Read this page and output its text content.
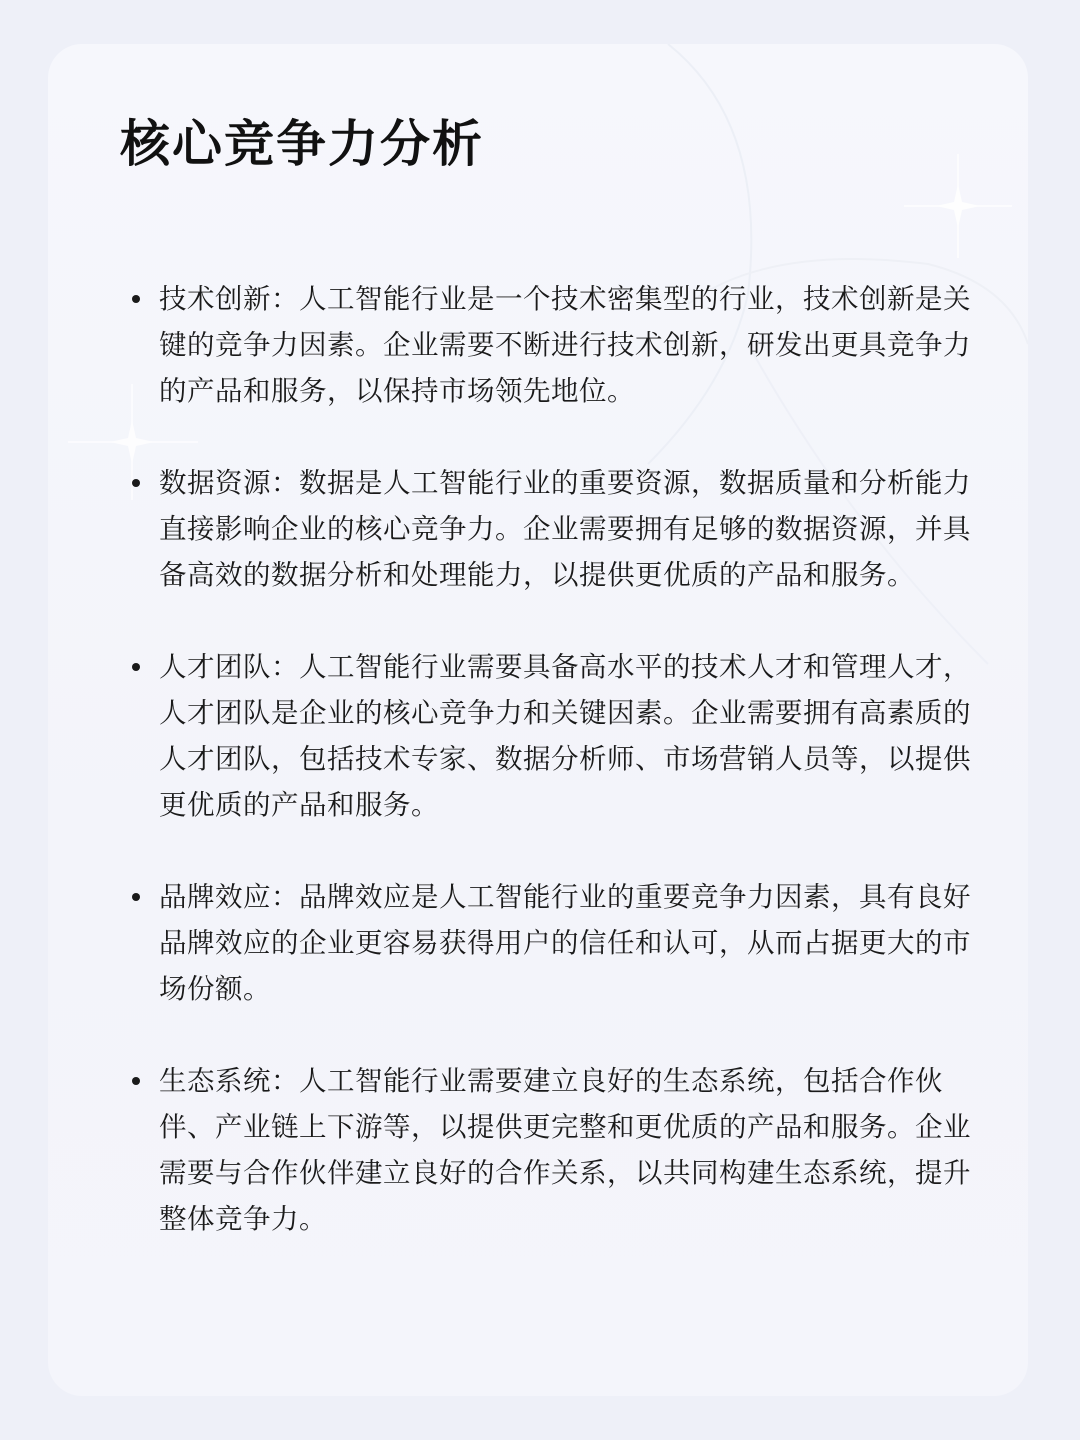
核心竞争力分析
技术创新：人工智能行业是一个技术密集型的行业，技术创新是关键的竞争力因素。企业需要不断进行技术创新，研发出更具竞争力的产品和服务，以保持市场领先地位。
数据资源：数据是人工智能行业的重要资源，数据质量和分析能力直接影响企业的核心竞争力。企业需要拥有足够的数据资源，并具备高效的数据分析和处理能力，以提供更优质的产品和服务。
人才团队：人工智能行业需要具备高水平的技术人才和管理人才，人才团队是企业的核心竞争力和关键因素。企业需要拥有高素质的人才团队，包括技术专家、数据分析师、市场营销人员等，以提供更优质的产品和服务。
品牌效应：品牌效应是人工智能行业的重要竞争力因素，具有良好品牌效应的企业更容易获得用户的信任和认可，从而占据更大的市场份额。
生态系统：人工智能行业需要建立良好的生态系统，包括合作伙伴、产业链上下游等，以提供更完整和更优质的产品和服务。企业需要与合作伙伴建立良好的合作关系，以共同构建生态系统，提升整体竞争力。
